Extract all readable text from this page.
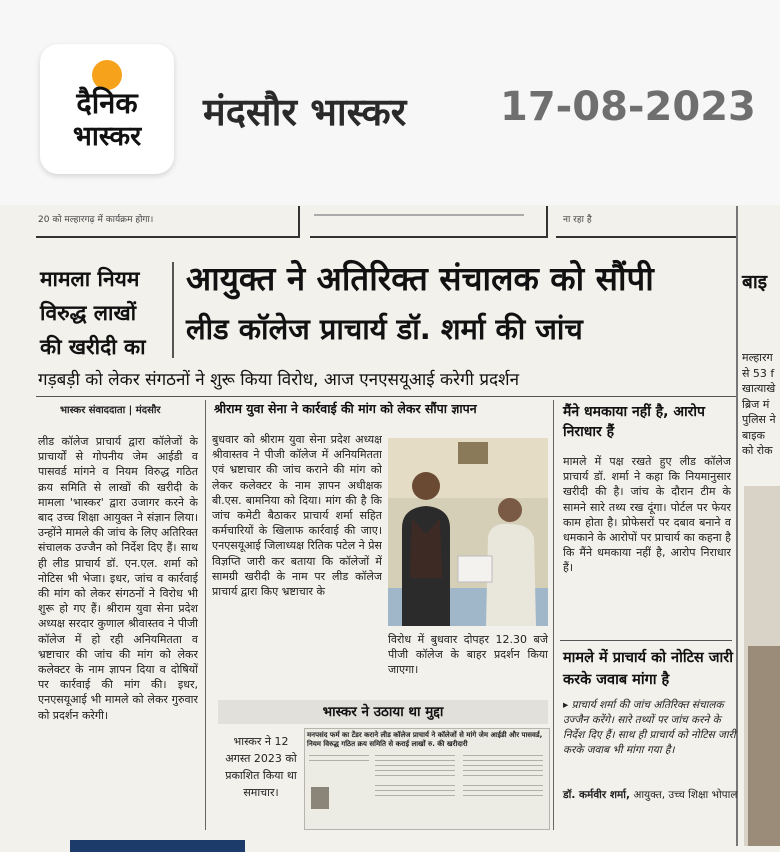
दैनिक
भास्कर
मंदसौर भास्कर 17-08-2023
20 को मल्हारगढ़ में कार्यक्रम होगा।	ना रहा है
मामला नियम विरुद्ध लाखों की खरीदी का
आयुक्त ने अतिरिक्त संचालक को सौंपी
लीड कॉलेज प्राचार्य डॉ. शर्मा की जांच
गड़बड़ी को लेकर संगठनों ने शुरू किया विरोध, आज एनएसयूआई करेगी प्रदर्शन
भास्कर संवाददाता | मंदसौर
लीड कॉलेज प्राचार्य द्वारा कॉलेजों के प्राचार्यों से गोपनीय जेम आईडी व पासवर्ड मांगने व नियम विरुद्ध गठित क्रय समिति से लाखों की खरीदी के मामला 'भास्कर' द्वारा उजागर करने के बाद उच्च शिक्षा आयुक्त ने संज्ञान लिया। उन्होंने मामले की जांच के लिए अतिरिक्त संचालक उज्जैन को निर्देश दिए हैं। साथ ही लीड प्राचार्य डॉ. एन.एल. शर्मा को नोटिस भी भेजा। इधर, जांच व कार्रवाई की मांग को लेकर संगठनों ने विरोध भी शुरू हो गए हैं। श्रीराम युवा सेना प्रदेश अध्यक्ष सरदार कुणाल श्रीवास्तव ने पीजी कॉलेज में हो रही अनियमितता व भ्रष्टाचार की जांच की मांग को लेकर कलेक्टर के नाम ज्ञापन दिया व दोषियों पर कार्रवाई की मांग की। इधर, एनएसयूआई भी मामले को लेकर गुरुवार को प्रदर्शन करेगी।
श्रीराम युवा सेना ने कार्रवाई की मांग को लेकर सौंपा ज्ञापन
बुधवार को श्रीराम युवा सेना प्रदेश अध्यक्ष श्रीवास्तव ने पीजी कॉलेज में अनियमितता एवं भ्रष्टाचार की जांच कराने की मांग को लेकर कलेक्टर के नाम ज्ञापन अधीक्षक बी.एस. बामनिया को दिया। मांग की है कि जांच कमेटी बैठाकर प्राचार्य शर्मा सहित कर्मचारियों के खिलाफ कार्रवाई की जाए। एनएसयूआई जिलाध्यक्ष रितिक पटेल ने प्रेस विज्ञप्ति जारी कर बताया कि कॉलेजों में सामग्री खरीदी के नाम पर लीड कॉलेज प्राचार्य द्वारा किए भ्रष्टाचार के
विरोध में बुधवार दोपहर 12.30 बजे पीजी कॉलेज के बाहर प्रदर्शन किया जाएगा।
मैंने धमकाया नहीं है, आरोप निराधार हैं
मामले में पक्ष रखते हुए लीड कॉलेज प्राचार्य डॉ. शर्मा ने कहा कि नियमानुसार खरीदी की है। जांच के दौरान टीम के सामने सारे तथ्य रख दूंगा। पोर्टल पर फेयर काम होता है। प्रोफेसरों पर दबाव बनाने व धमकाने के आरोपों पर प्राचार्य का कहना है कि मैंने धमकाया नहीं है, आरोप निराधार हैं।
मामले में प्राचार्य को नोटिस जारी करके जवाब मांगा है
▸ प्राचार्य शर्मा की जांच अतिरिक्त संचालक उज्जैन करेंगे। सारे तथ्यों पर जांच करने के निर्देश दिए हैं। साथ ही प्राचार्य को नोटिस जारी करके जवाब भी मांगा गया है।
डॉ. कर्मवीर शर्मा, आयुक्त, उच्च शिक्षा भोपाल
भास्कर ने उठाया था मुद्दा
भास्कर ने 12 अगस्त 2023 को प्रकाशित किया था समाचार।
मनपसंद फर्म का टेंडर कराने लीड कॉलेज प्राचार्य ने कॉलेजों से मांगे जेम आईडी और पासवर्ड, नियम विरुद्ध गठित क्रय समिति से कराई लाखों रु. की खरीदारी
बाइ
मल्हारग
से 53 f
खात्याखे
ब्रिज मं
पुलिस ने
बाइक
को रोक
